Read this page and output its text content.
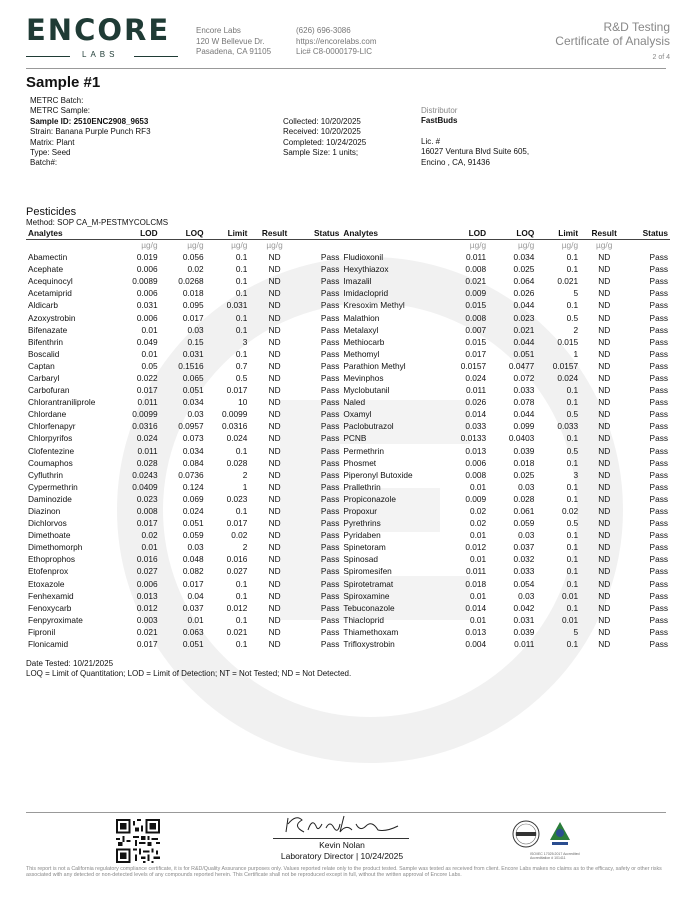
ENCORE
LABS
Encore Labs
120 W Bellevue Dr.
Pasadena, CA 91105
(626) 696-3086
https://encorelabs.com
Lic# C8-0000179-LIC
R&D Testing
Certificate of Analysis
2 of 4
Sample #1
METRC Batch:
METRC Sample:
Sample ID: 2510ENC2908_9653
Strain: Banana Purple Punch RF3
Matrix: Plant
Type: Seed
Batch#:
Collected: 10/20/2025
Received: 10/20/2025
Completed: 10/24/2025
Sample Size: 1 units;
Distributor
FastBuds
Lic. #
16027 Ventura Blvd Suite 605,
Encino , CA, 91436
Pesticides
Method: SOP CA_M-PESTMYCOLCMS
Analytes	LOD	LOQ	Limit	Result	Status	Analytes	LOD	LOQ	Limit	Result	Status
	µg/g	µg/g	µg/g	µg/g			µg/g	µg/g	µg/g	µg/g	
Abamectin	0.019	0.056	0.1	ND	Pass	Fludioxonil	0.011	0.034	0.1	ND	Pass
Acephate	0.006	0.02	0.1	ND	Pass	Hexythiazox	0.008	0.025	0.1	ND	Pass
Acequinocyl	0.0089	0.0268	0.1	ND	Pass	Imazalil	0.021	0.064	0.021	ND	Pass
Acetamiprid	0.006	0.018	0.1	ND	Pass	Imidacloprid	0.009	0.026	5	ND	Pass
Aldicarb	0.031	0.095	0.031	ND	Pass	Kresoxim Methyl	0.015	0.044	0.1	ND	Pass
Azoxystrobin	0.006	0.017	0.1	ND	Pass	Malathion	0.008	0.023	0.5	ND	Pass
Bifenazate	0.01	0.03	0.1	ND	Pass	Metalaxyl	0.007	0.021	2	ND	Pass
Bifenthrin	0.049	0.15	3	ND	Pass	Methiocarb	0.015	0.044	0.015	ND	Pass
Boscalid	0.01	0.031	0.1	ND	Pass	Methomyl	0.017	0.051	1	ND	Pass
Captan	0.05	0.1516	0.7	ND	Pass	Parathion Methyl	0.0157	0.0477	0.0157	ND	Pass
Carbaryl	0.022	0.065	0.5	ND	Pass	Mevinphos	0.024	0.072	0.024	ND	Pass
Carbofuran	0.017	0.051	0.017	ND	Pass	Myclobutanil	0.011	0.033	0.1	ND	Pass
Chlorantraniliprole	0.011	0.034	10	ND	Pass	Naled	0.026	0.078	0.1	ND	Pass
Chlordane	0.0099	0.03	0.0099	ND	Pass	Oxamyl	0.014	0.044	0.5	ND	Pass
Chlorfenapyr	0.0316	0.0957	0.0316	ND	Pass	Paclobutrazol	0.033	0.099	0.033	ND	Pass
Chlorpyrifos	0.024	0.073	0.024	ND	Pass	PCNB	0.0133	0.0403	0.1	ND	Pass
Clofentezine	0.011	0.034	0.1	ND	Pass	Permethrin	0.013	0.039	0.5	ND	Pass
Coumaphos	0.028	0.084	0.028	ND	Pass	Phosmet	0.006	0.018	0.1	ND	Pass
Cyfluthrin	0.0243	0.0736	2	ND	Pass	Piperonyl Butoxide	0.008	0.025	3	ND	Pass
Cypermethrin	0.0409	0.124	1	ND	Pass	Prallethrin	0.01	0.03	0.1	ND	Pass
Daminozide	0.023	0.069	0.023	ND	Pass	Propiconazole	0.009	0.028	0.1	ND	Pass
Diazinon	0.008	0.024	0.1	ND	Pass	Propoxur	0.02	0.061	0.02	ND	Pass
Dichlorvos	0.017	0.051	0.017	ND	Pass	Pyrethrins	0.02	0.059	0.5	ND	Pass
Dimethoate	0.02	0.059	0.02	ND	Pass	Pyridaben	0.01	0.03	0.1	ND	Pass
Dimethomorph	0.01	0.03	2	ND	Pass	Spinetoram	0.012	0.037	0.1	ND	Pass
Ethoprophos	0.016	0.048	0.016	ND	Pass	Spinosad	0.01	0.032	0.1	ND	Pass
Etofenprox	0.027	0.082	0.027	ND	Pass	Spiromesifen	0.011	0.033	0.1	ND	Pass
Etoxazole	0.006	0.017	0.1	ND	Pass	Spirotetramat	0.018	0.054	0.1	ND	Pass
Fenhexamid	0.013	0.04	0.1	ND	Pass	Spiroxamine	0.01	0.03	0.01	ND	Pass
Fenoxycarb	0.012	0.037	0.012	ND	Pass	Tebuconazole	0.014	0.042	0.1	ND	Pass
Fenpyroximate	0.003	0.01	0.1	ND	Pass	Thiacloprid	0.01	0.031	0.01	ND	Pass
Fipronil	0.021	0.063	0.021	ND	Pass	Thiamethoxam	0.013	0.039	5	ND	Pass
Flonicamid	0.017	0.051	0.1	ND	Pass	Trifloxystrobin	0.004	0.011	0.1	ND	Pass
Date Tested: 10/21/2025
LOQ = Limit of Quantitation; LOD = Limit of Detection; NT = Not Tested; ND = Not Detected.
Kevin Nolan
Laboratory Director | 10/24/2025	ISO/IEC 17025:2017 Accredited Accreditation # 101411
This report is not a California regulatory compliance certificate, it is for R&D/Quality Assurance purposes only. Values reported relate only to the product tested. Sample was tested as received from client. Encore Labs makes no claims as to the efficacy, safety or other risks associated with any detected or non-detected levels of any compounds reported herein. This Certificate shall not be reproduced except in full, without the written approval of Encore Labs.
